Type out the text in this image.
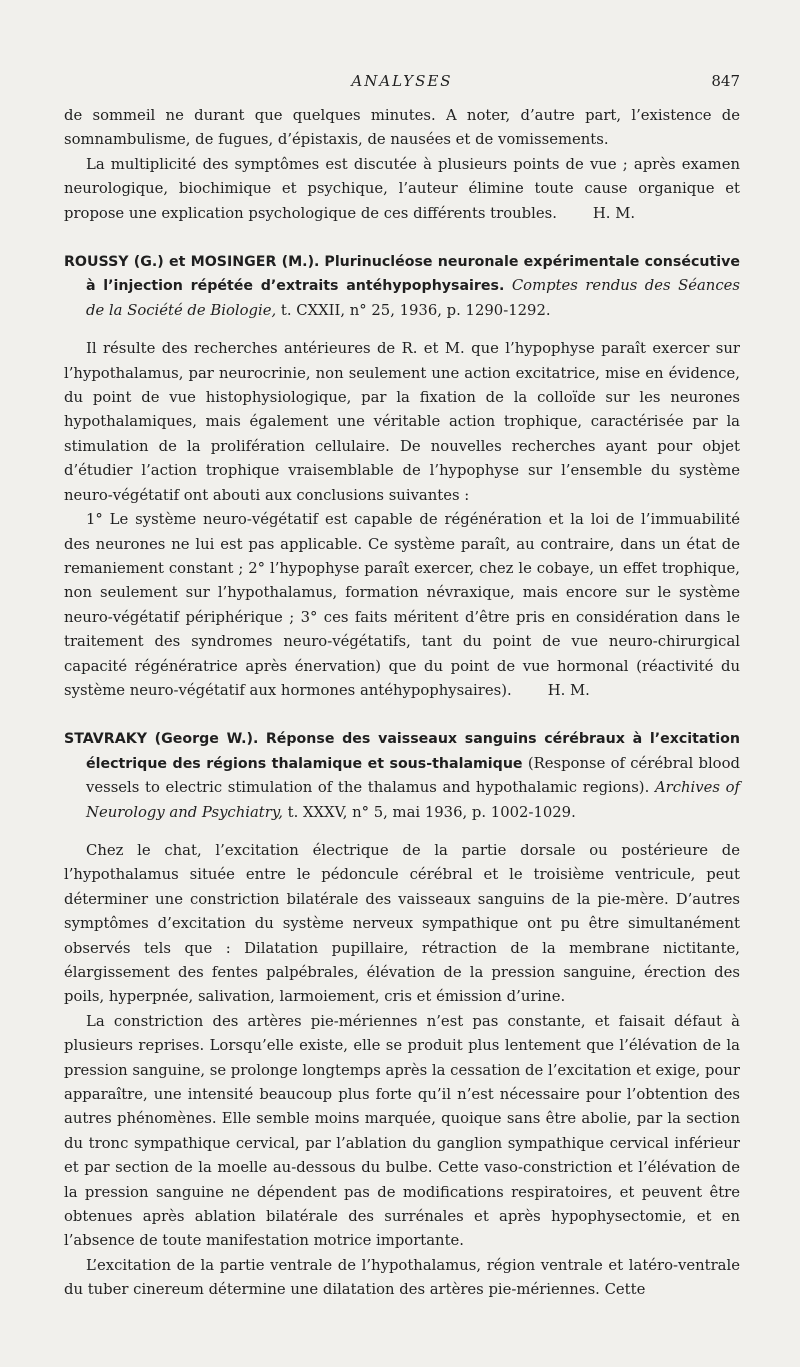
ANALYSES	847

de sommeil ne durant que quelques minutes. A noter, d’autre part, l’existence de somnambulisme, de fugues, d’épistaxis, de nausées et de vomissements.

La multiplicité des symptômes est discutée à plusieurs points de vue ; après examen neurologique, biochimique et psychique, l’auteur élimine toute cause organique et propose une explication psychologique de ces différents troubles. H. M.

ROUSSY (G.) et MOSINGER (M.). Plurinucléose neuronale expérimentale consécutive à l’injection répétée d’extraits antéhypophysaires. Comptes rendus des Séances de la Société de Biologie, t. CXXII, n° 25, 1936, p. 1290-1292.

Il résulte des recherches antérieures de R. et M. que l’hypophyse paraît exercer sur l’hypothalamus, par neurocrinie, non seulement une action excitatrice, mise en évidence, du point de vue histophysiologique, par la fixation de la colloïde sur les neurones hypothalamiques, mais également une véritable action trophique, caractérisée par la stimulation de la prolifération cellulaire. De nouvelles recherches ayant pour objet d’étudier l’action trophique vraisemblable de l’hypophyse sur l’ensemble du système neuro-végétatif ont abouti aux conclusions suivantes :

1° Le système neuro-végétatif est capable de régénération et la loi de l’immuabilité des neurones ne lui est pas applicable. Ce système paraît, au contraire, dans un état de remaniement constant ; 2° l’hypophyse paraît exercer, chez le cobaye, un effet trophique, non seulement sur l’hypothalamus, formation névraxique, mais encore sur le système neuro-végétatif périphérique ; 3° ces faits méritent d’être pris en considération dans le traitement des syndromes neuro-végétatifs, tant du point de vue neuro-chirurgical capacité régénératrice après énervation) que du point de vue hormonal (réactivité du système neuro-végétatif aux hormones antéhypophysaires). H. M.

STAVRAKY (George W.). Réponse des vaisseaux sanguins cérébraux à l’excitation électrique des régions thalamique et sous-thalamique (Response of cérébral blood vessels to electric stimulation of the thalamus and hypothalamic regions). Archives of Neurology and Psychiatry, t. XXXV, n° 5, mai 1936, p. 1002-1029.

Chez le chat, l’excitation électrique de la partie dorsale ou postérieure de l’hypothalamus située entre le pédoncule cérébral et le troisième ventricule, peut déterminer une constriction bilatérale des vaisseaux sanguins de la pie-mère. D’autres symptômes d’excitation du système nerveux sympathique ont pu être simultanément observés tels que : Dilatation pupillaire, rétraction de la membrane nictitante, élargissement des fentes palpébrales, élévation de la pression sanguine, érection des poils, hyperpnée, salivation, larmoiement, cris et émission d’urine.

La constriction des artères pie-mériennes n’est pas constante, et faisait défaut à plusieurs reprises. Lorsqu’elle existe, elle se produit plus lentement que l’élévation de la pression sanguine, se prolonge longtemps après la cessation de l’excitation et exige, pour apparaître, une intensité beaucoup plus forte qu’il n’est nécessaire pour l’obtention des autres phénomènes. Elle semble moins marquée, quoique sans être abolie, par la section du tronc sympathique cervical, par l’ablation du ganglion sympathique cervical inférieur et par section de la moelle au-dessous du bulbe. Cette vaso-constriction et l’élévation de la pression sanguine ne dépendent pas de modifications respiratoires, et peuvent être obtenues après ablation bilatérale des surrénales et après hypophysectomie, et en l’absence de toute manifestation motrice importante.

L’excitation de la partie ventrale de l’hypothalamus, région ventrale et latéro-ventrale du tuber cinereum détermine une dilatation des artères pie-mériennes. Cette
